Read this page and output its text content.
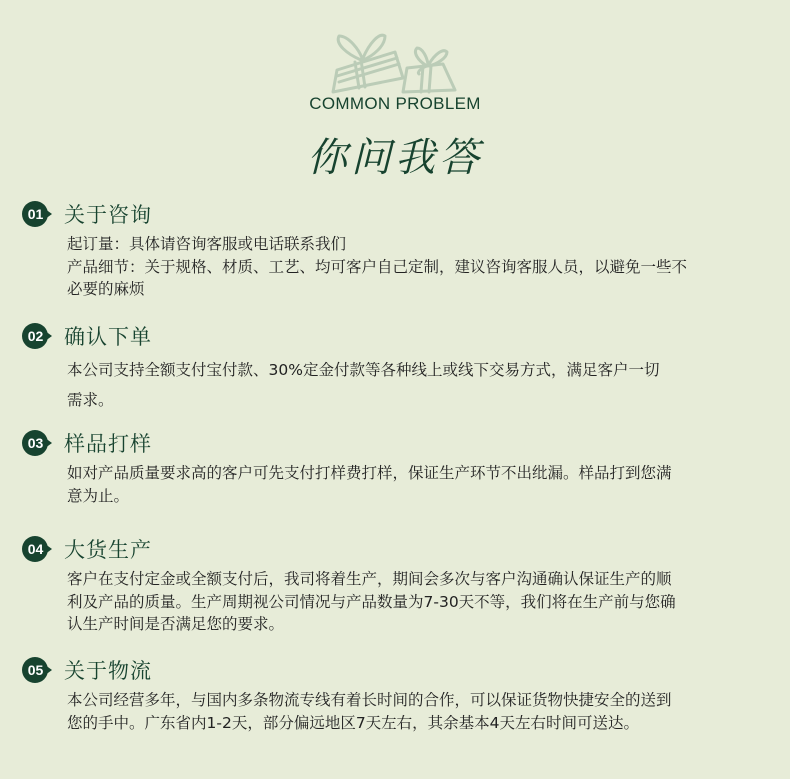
COMMON PROBLEM
你问我答
01 关于咨询

起订量：具体请咨询客服或电话联系我们

产品细节：关于规格、材质、工艺、均可客户自己定制，建议咨询客服人员，以避免一些不

必要的麻烦

02 确认下单

本公司支持全额支付宝付款、30%定金付款等各种线上或线下交易方式，满足客户一切

需求。

03 样品打样

如对产品质量要求高的客户可先支付打样费打样，保证生产环节不出纰漏。样品打到您满

意为止。

04 大货生产

客户在支付定金或全额支付后，我司将着生产，期间会多次与客户沟通确认保证生产的顺

利及产品的质量。生产周期视公司情况与产品数量为7-30天不等，我们将在生产前与您确

认生产时间是否满足您的要求。

05 关于物流

本公司经营多年，与国内多条物流专线有着长时间的合作，可以保证货物快捷安全的送到

您的手中。广东省内1-2天，部分偏远地区7天左右，其余基本4天左右时间可送达。
